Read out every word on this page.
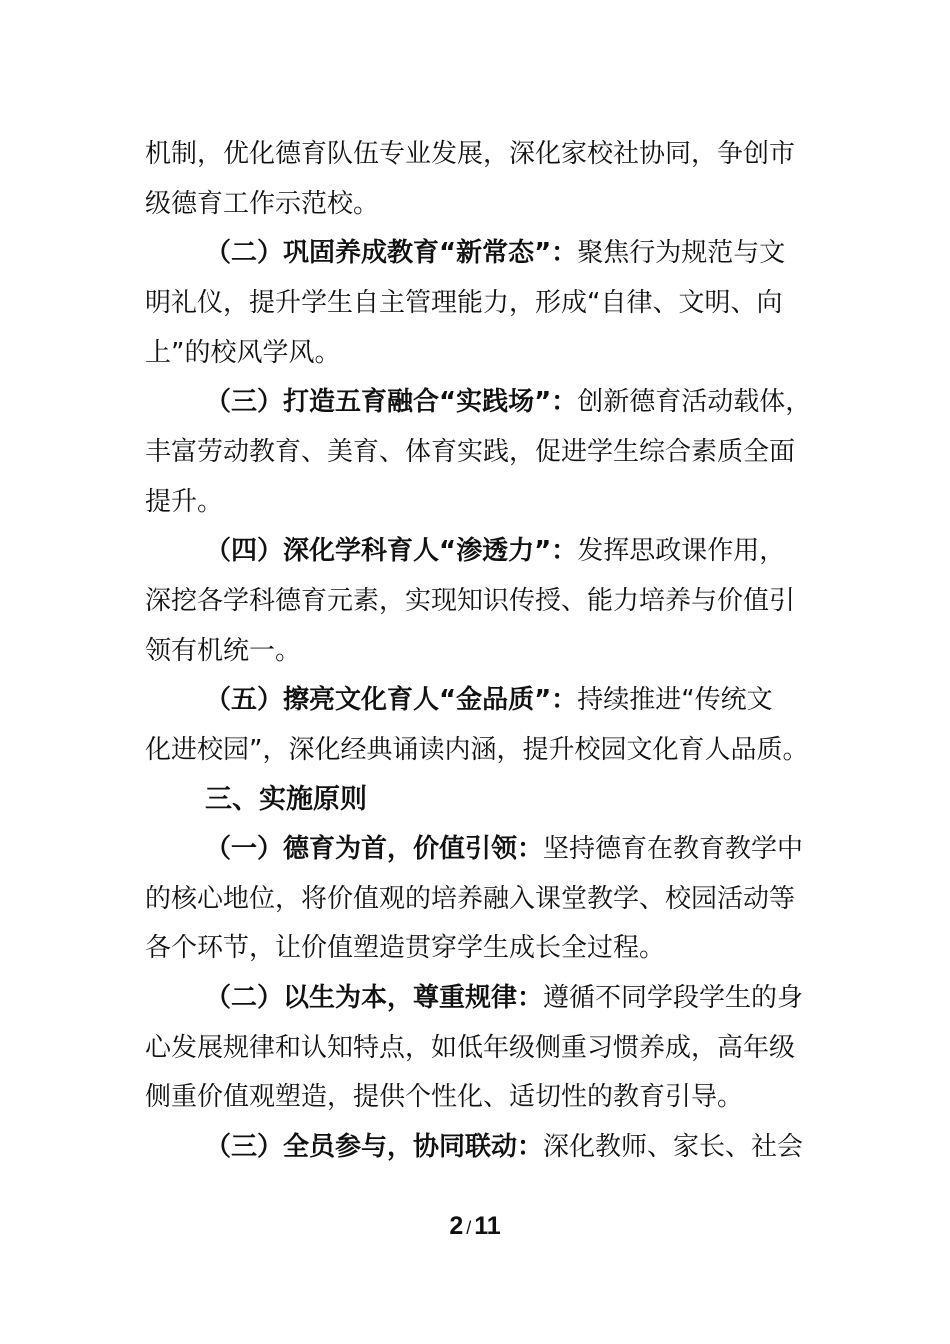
机制，优化德育队伍专业发展，深化家校社协同，争创市
级德育工作示范校。
（二）巩固养成教育“新常态”：聚焦行为规范与文
明礼仪，提升学生自主管理能力，形成“自律、文明、向
上”的校风学风。
（三）打造五育融合“实践场”：创新德育活动载体，
丰富劳动教育、美育、体育实践，促进学生综合素质全面
提升。
（四）深化学科育人“渗透力”：发挥思政课作用，
深挖各学科德育元素，实现知识传授、能力培养与价值引
领有机统一。
（五）擦亮文化育人“金品质”：持续推进“传统文
化进校园”，深化经典诵读内涵，提升校园文化育人品质。
三、实施原则
（一）德育为首，价值引领：坚持德育在教育教学中
的核心地位，将价值观的培养融入课堂教学、校园活动等
各个环节，让价值塑造贯穿学生成长全过程。
（二）以生为本，尊重规律：遵循不同学段学生的身
心发展规律和认知特点，如低年级侧重习惯养成，高年级
侧重价值观塑造，提供个性化、适切性的教育引导。
（三）全员参与，协同联动：深化教师、家长、社会
2 / 11
